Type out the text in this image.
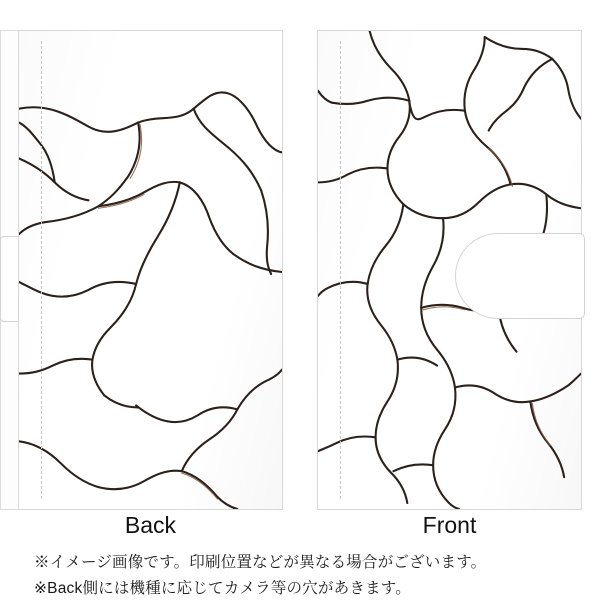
Back	Front

※イメージ画像です。印刷位置などが異なる場合がございます。

※Back側には機種に応じてカメラ等の穴があきます。
